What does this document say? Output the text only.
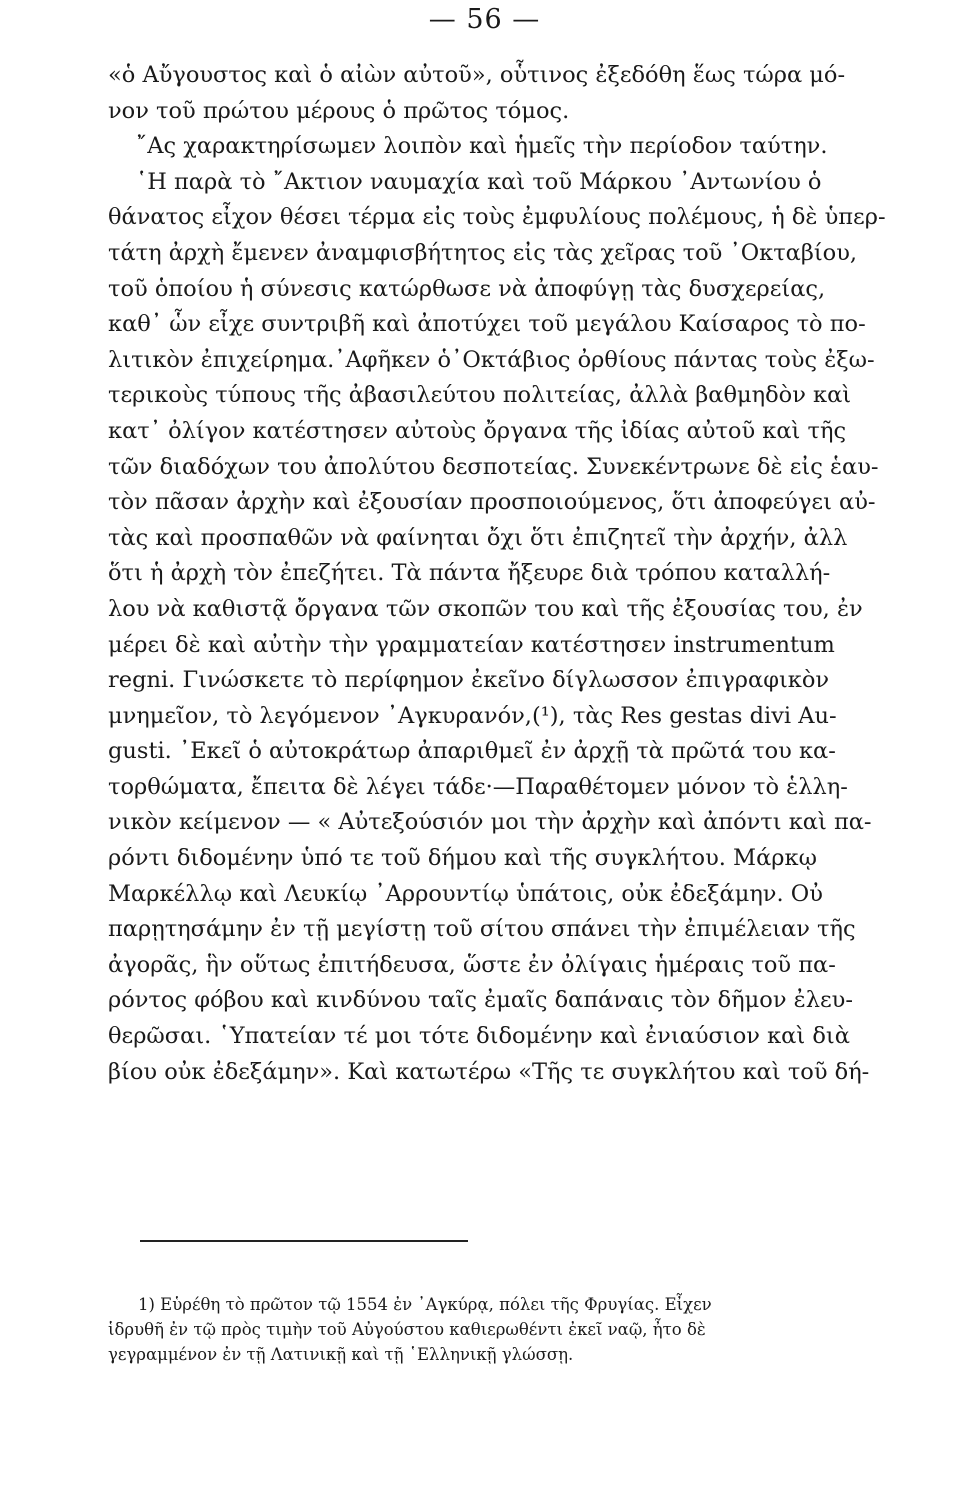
— 56 —
«ὁ Αὔγουστος καὶ ὁ αἰὼν αὐτοῦ», οὗτινος ἐξεδόθη ἕως τώρα μό-
νον τοῦ πρώτου μέρους ὁ πρῶτος τόμος.
῎Ας χαρακτηρίσωμεν λοιπὸν καὶ ἡμεῖς τὴν περίοδον ταύτην.
῾Η παρὰ τὸ ῎Ακτιον ναυμαχία καὶ τοῦ Μάρκου ᾿Αντωνίου ὁ
θάνατος εἶχον θέσει τέρμα εἰς τοὺς ἐμφυλίους πολέμους, ἡ δὲ ὑπερ-
τάτη ἀρχὴ ἔμενεν ἀναμφισβήτητος εἰς τὰς χεῖρας τοῦ ᾿Οκταβίου,
τοῦ ὁποίου ἡ σύνεσις κατώρθωσε νὰ ἀποφύγῃ τὰς δυσχερείας,
καθ᾿ ὧν εἶχε συντριβῆ καὶ ἀποτύχει τοῦ μεγάλου Καίσαρος τὸ πο-
λιτικὸν ἐπιχείρημα.᾿Αφῆκεν ὁ᾿Οκτάβιος ὀρθίους πάντας τοὺς ἐξω-
τερικοὺς τύπους τῆς ἀβασιλεύτου πολιτείας, ἀλλὰ βαθμηδὸν καὶ
κατ᾿ ὀλίγον κατέστησεν αὐτοὺς ὄργανα τῆς ἰδίας αὐτοῦ καὶ τῆς
τῶν διαδόχων του ἀπολύτου δεσποτείας. Συνεκέντρωνε δὲ εἰς ἑαυ-
τὸν πᾶσαν ἀρχὴν καὶ ἐξουσίαν προσποιούμενος, ὅτι ἀποφεύγει αὐ-
τὰς καὶ προσπαθῶν νὰ φαίνηται ὄχι ὅτι ἐπιζητεῖ τὴν ἀρχήν, ἀλλ
ὅτι ἡ ἀρχὴ τὸν ἐπεζήτει. Τὰ πάντα ἤξευρε διὰ τρόπου καταλλή-
λου νὰ καθιστᾷ ὄργανα τῶν σκοπῶν του καὶ τῆς ἐξουσίας του, ἐν
μέρει δὲ καὶ αὐτὴν τὴν γραμματείαν κατέστησεν instrumentum
regni. Γινώσκετε τὸ περίφημον ἐκεῖνο δίγλωσσον ἐπιγραφικὸν
μνημεῖον, τὸ λεγόμενον ᾿Αγκυρανόν,(¹), τὰς Res gestas divi Au-
gusti. ᾿Εκεῖ ὁ αὐτοκράτωρ ἀπαριθμεῖ ἐν ἀρχῇ τὰ πρῶτά του κα-
τορθώματα, ἔπειτα δὲ λέγει τάδε·—Παραθέτομεν μόνον τὸ ἑλλη-
νικὸν κείμενον — « Αὐτεξούσιόν μοι τὴν ἀρχὴν καὶ ἀπόντι καὶ πα-
ρόντι διδομένην ὑπό τε τοῦ δήμου καὶ τῆς συγκλήτου. Μάρκῳ
Μαρκέλλῳ καὶ Λευκίῳ ᾿Αρρουντίῳ ὑπάτοις, οὐκ ἐδεξάμην. Οὐ
παρῃτησάμην ἐν τῇ μεγίστῃ τοῦ σίτου σπάνει τὴν ἐπιμέλειαν τῆς
ἀγορᾶς, ἣν οὕτως ἐπιτήδευσα, ὥστε ἐν ὀλίγαις ἡμέραις τοῦ πα-
ρόντος φόβου καὶ κινδύνου ταῖς ἐμαῖς δαπάναις τὸν δῆμον ἐλευ-
θερῶσαι. ῾Υπατείαν τέ μοι τότε διδομένην καὶ ἐνιαύσιον καὶ διὰ
βίου οὐκ ἐδεξάμην». Καὶ κατωτέρω «Τῆς τε συγκλήτου καὶ τοῦ δή-
1) Εὑρέθη τὸ πρῶτον τῷ 1554 ἐν ᾿Αγκύρᾳ, πόλει τῆς Φρυγίας. Εἶχεν
ἱδρυθῆ ἐν τῷ πρὸς τιμὴν τοῦ Αὐγούστου καθιερωθέντι ἐκεῖ ναῷ, ἦτο δὲ
γεγραμμένον ἐν τῇ Λατινικῇ καὶ τῇ ῾Ελληνικῇ γλώσσῃ.
